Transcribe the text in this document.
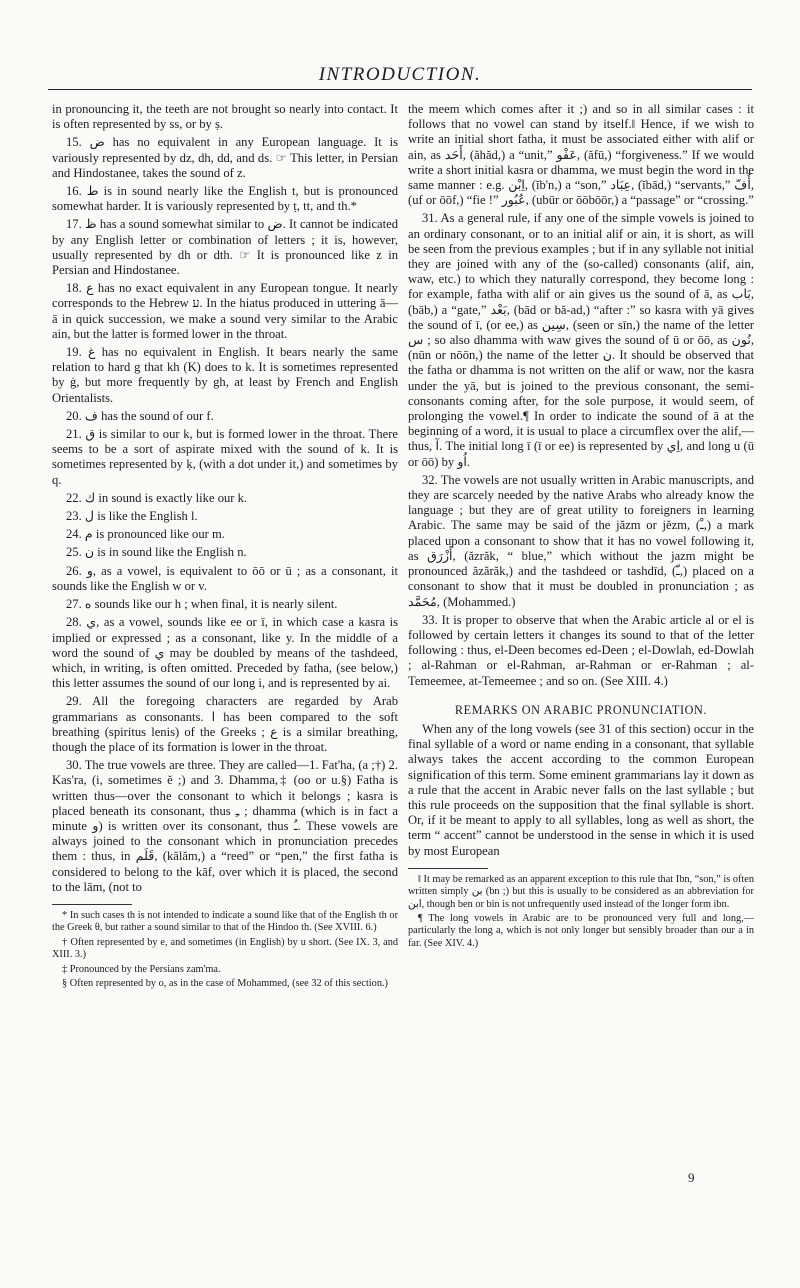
INTRODUCTION.

in pronouncing it, the teeth are not brought so nearly into contact. It is often represented by ss, or by ṣ.

15. ض has no equivalent in any European language. It is variously represented by dz, dh, dd, and ds. ☞ This letter, in Persian and Hindostanee, takes the sound of z.

16. ط is in sound nearly like the English t, but is pronounced somewhat harder. It is variously represented by ṭ, tt, and th.*

17. ظ has a sound somewhat similar to ض. It cannot be indicated by any English letter or combination of letters ; it is, however, usually represented by dh or dth. ☞ It is pronounced like z in Persian and Hindostanee.

18. ع has no exact equivalent in any European tongue. It nearly corresponds to the Hebrew ע. In the hiatus produced in uttering ā—ā in quick succession, we make a sound very similar to the Arabic ain, but the latter is formed lower in the throat.

19. غ has no equivalent in English. It bears nearly the same relation to hard g that kh (K) does to k. It is sometimes represented by ġ, but more frequently by gh, at least by French and English Orientalists.

20. ف has the sound of our f.

21. ق is similar to our k, but is formed lower in the throat. There seems to be a sort of aspirate mixed with the sound of k. It is sometimes represented by ḳ, (with a dot under it,) and sometimes by q.

22. ك in sound is exactly like our k.

23. ل is like the English l.

24. م is pronounced like our m.

25. ن is in sound like the English n.

26. و, as a vowel, is equivalent to ōō or ū ; as a consonant, it sounds like the English w or v.

27. ه sounds like our h ; when final, it is nearly silent.

28. ي, as a vowel, sounds like ee or ī, in which case a kasra is implied or expressed ; as a consonant, like y. In the middle of a word the sound of ي may be doubled by means of the tashdeed, which, in writing, is often omitted. Preceded by fatha, (see below,) this letter assumes the sound of our long i, and is represented by ai.

29. All the foregoing characters are regarded by Arab grammarians as consonants. ا has been compared to the soft breathing (spiritus lenis) of the Greeks ; ع is a similar breathing, though the place of its formation is lower in the throat.

30. The true vowels are three. They are called—1. Fat'ha, (a ;†) 2. Kas'ra, (i, sometimes ĕ ;) and 3. Dhamma,‡ (oo or u.§) Fatha is written thus—over the consonant to which it belongs ; kasra is placed beneath its consonant, thus ـِ ; dhamma (which is in fact a minute و) is written over its consonant, thus ـُ. These vowels are always joined to the consonant which in pronunciation precedes them : thus, in قَلَم, (kălăm,) a “reed” or “pen,” the first fatha is considered to belong to the kāf, over which it is placed, the second to the lām, (not to

* In such cases th is not intended to indicate a sound like that of the English th or the Greek θ, but rather a sound similar to that of the Hindoo th. (See XVIII. 6.)

† Often represented by e, and sometimes (in English) by u short. (See IX. 3, and XIII. 3.)

‡ Pronounced by the Persians zam'ma.

§ Often represented by o, as in the case of Mohammed, (see 32 of this section.)

the meem which comes after it ;) and so in all similar cases : it follows that no vowel can stand by itself.‖ Hence, if we wish to write an initial short fatha, it must be associated either with alif or ain, as أَحَد, (ăhăd,) a “unit,” عَفْو, (ăfū,) “forgiveness.” If we would write a short initial kasra or dhamma, we must begin the word in the same manner : e.g. اِبْن, (ĭb'n,) a “son,” عِبَاد, (ĭbād,) “servants,” أُفّ, (uf or ōōf,) “fie !” عُبُور, (ubūr or ōōbōōr,) a “passage” or “crossing.”

31. As a general rule, if any one of the simple vowels is joined to an ordinary consonant, or to an initial alif or ain, it is short, as will be seen from the previous examples ; but if in any syllable not initial they are joined with any of the (so-called) consonants (alif, ain, waw, etc.) to which they naturally correspond, they become long : for example, fatha with alif or ain gives us the sound of ā, as بَاب, (bāb,) a “gate,” بَعْد, (bād or bă-ad,) “after :” so kasra with yā gives the sound of ī, (or ee,) as سِين, (seen or sīn,) the name of the letter س ; so also dhamma with waw gives the sound of ū or ōō, as نُون, (nūn or nōōn,) the name of the letter ن. It should be observed that the fatha or dhamma is not written on the alif or waw, nor the kasra under the yā, but is joined to the previous consonant, the semi-consonants coming after, for the sole purpose, it would seem, of prolonging the vowel.¶ In order to indicate the sound of ā at the beginning of a word, it is usual to place a circumflex over the alif,—thus, آ. The initial long ī (ī or ee) is represented by اِي, and long u (ū or ōō) by اُو.

32. The vowels are not usually written in Arabic manuscripts, and they are scarcely needed by the native Arabs who already know the language ; but they are of great utility to foreigners in learning Arabic. The same may be said of the jăzm or jĕzm, (ـْ,) a mark placed upon a consonant to show that it has no vowel following it, as أَزْرَق, (ăzrăk, “ blue,” which without the jazm might be pronounced ăzărăk,) and the tashdeed or tashdīd, (ـّ,) placed on a consonant to show that it must be doubled in pronunciation ; as مُحَمَّد, (Mohammed.)

33. It is proper to observe that when the Arabic article al or el is followed by certain letters it changes its sound to that of the letter following : thus, el-Deen becomes ed-Deen ; el-Dowlah, ed-Dowlah ; al-Rahman or el-Rahman, ar-Rahman or er-Rahman ; al-Temeemee, at-Temeemee ; and so on. (See XIII. 4.)

REMARKS ON ARABIC PRONUNCIATION.

When any of the long vowels (see 31 of this section) occur in the final syllable of a word or name ending in a consonant, that syllable always takes the accent according to the common European signification of this term. Some eminent grammarians lay it down as a rule that the accent in Arabic never falls on the last syllable ; but this rule proceeds on the supposition that the final syllable is short. Or, if it be meant to apply to all syllables, long as well as short, the term “ accent” cannot be understood in the sense in which it is used by most European

‖ It may be remarked as an apparent exception to this rule that Ibn, “son,” is often written simply بن (bn ;) but this is usually to be considered as an abbreviation for ابن, though ben or bin is not unfrequently used instead of the longer form ibn.

¶ The long vowels in Arabic are to be pronounced very full and long,—particularly the long a, which is not only longer but sensibly broader than our a in far. (See XIV. 4.)

9
